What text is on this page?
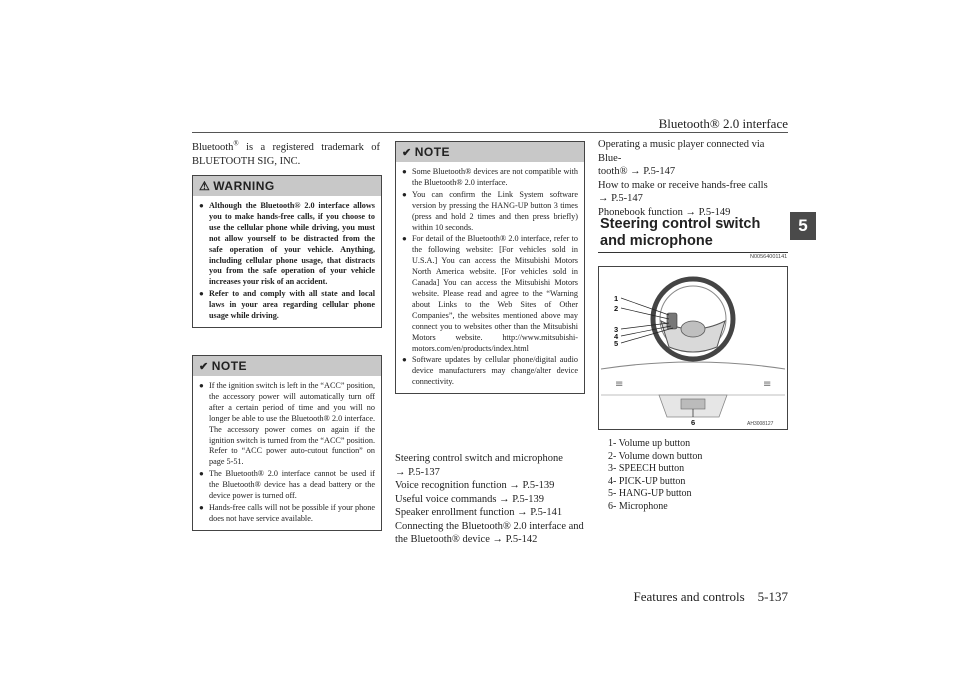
Bluetooth® 2.0 interface
5
Bluetooth® is a registered trademark of BLUETOOTH SIG, INC.
⚠ WARNING
● Although the Bluetooth® 2.0 interface allows you to make hands-free calls, if you choose to use the cellular phone while driving, you must not allow yourself to be distracted from the safe operation of your vehicle. Anything, including cellular phone usage, that distracts you from the safe operation of your vehicle increases your risk of an accident.
● Refer to and comply with all state and local laws in your area regarding cellular phone usage while driving.
✔ NOTE
● If the ignition switch is left in the “ACC” position, the accessory power will automatically turn off after a certain period of time and you will no longer be able to use the Bluetooth® 2.0 interface. The accessory power comes on again if the ignition switch is turned from the “ACC” position. Refer to “ACC power auto-cutout function” on page 5-51.
● The Bluetooth® 2.0 interface cannot be used if the Bluetooth® device has a dead battery or the device power is turned off.
● Hands-free calls will not be possible if your phone does not have service available.
✔ NOTE
● Some Bluetooth® devices are not compatible with the Bluetooth® 2.0 interface.
● You can confirm the Link System software version by pressing the HANG-UP button 3 times (press and hold 2 times and then press briefly) within 10 seconds.
● For detail of the Bluetooth® 2.0 interface, refer to the following website: [For vehicles sold in U.S.A.] You can access the Mitsubishi Motors North America website. [For vehicles sold in Canada] You can access the Mitsubishi Motors website. Please read and agree to the “Warning about Links to the Web Sites of Other Companies”, the websites mentioned above may connect you to websites other than the Mitsubishi Motors website. http://www.mitsubishi-motors.com/en/products/index.html
● Software updates by cellular phone/digital audio device manufacturers may change/alter device connectivity.
Steering control switch and microphone
→ P.5-137
Voice recognition function → P.5-139
Useful voice commands → P.5-139
Speaker enrollment function → P.5-141
Connecting the Bluetooth® 2.0 interface and
the Bluetooth® device → P.5-142
Operating a music player connected via Blue-
tooth® → P.5-147
How to make or receive hands-free calls
→ P.5-147
Phonebook function → P.5-149
Steering control switch and microphone
N00564001141
≡	≡
1
2
3
4
5
6	AH3008127
1- Volume up button
2- Volume down button
3- SPEECH button
4- PICK-UP button
5- HANG-UP button
6- Microphone
Features and controls    5-137
